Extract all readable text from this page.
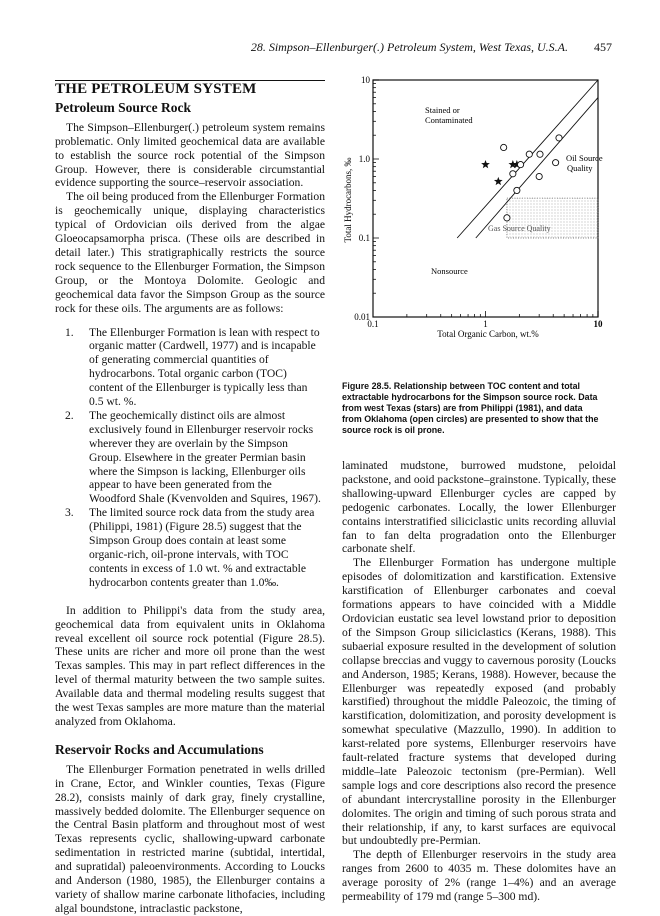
28. Simpson–Ellenburger(.) Petroleum System, West Texas, U.S.A. 457
THE PETROLEUM SYSTEM
Petroleum Source Rock

The Simpson–Ellenburger(.) petroleum system remains problematic. Only limited geochemical data are available to establish the source rock potential of the Simpson Group. However, there is considerable circumstantial evidence supporting the source–reservoir association.

The oil being produced from the Ellenburger Formation is geochemically unique, displaying characteristics typical of Ordovician oils derived from the algae Gloeocapsamorpha prisca. (These oils are described in detail later.) This stratigraphically restricts the source rock sequence to the Ellenburger Formation, the Simpson Group, or the Montoya Dolomite. Geologic and geochemical data favor the Simpson Group as the source rock for these oils. The arguments are as follows:

1. The Ellenburger Formation is lean with respect to organic matter (Cardwell, 1977) and is incapable of generating commercial quantities of hydrocarbons. Total organic carbon (TOC) content of the Ellenburger is typically less than 0.5 wt. %.
2. The geochemically distinct oils are almost exclusively found in Ellenburger reservoir rocks wherever they are overlain by the Simpson Group. Elsewhere in the greater Permian basin where the Simpson is lacking, Ellenburger oils appear to have been generated from the Woodford Shale (Kvenvolden and Squires, 1967).
3. The limited source rock data from the study area (Philippi, 1981) (Figure 28.5) suggest that the Simpson Group does contain at least some organic-rich, oil-prone intervals, with TOC contents in excess of 1.0 wt. % and extractable hydrocarbon contents greater than 1.0‰.

In addition to Philippi's data from the study area, geochemical data from equivalent units in Oklahoma reveal excellent oil source rock potential (Figure 28.5). These units are richer and more oil prone than the west Texas samples. This may in part reflect differences in the level of thermal maturity between the two sample suites. Available data and thermal modeling results suggest that the west Texas samples are more mature than the material analyzed from Oklahoma.

Reservoir Rocks and Accumulations

The Ellenburger Formation penetrated in wells drilled in Crane, Ector, and Winkler counties, Texas (Figure 28.2), consists mainly of dark gray, finely crystalline, massively bedded dolomite. The Ellenburger sequence on the Central Basin platform and throughout most of west Texas represents cyclic, shallowing-upward carbonate sedimentation in restricted marine (subtidal, intertidal, and supratidal) paleoenvironments. According to Loucks and Anderson (1980, 1985), the Ellenburger contains a variety of shallow marine carbonate lithofacies, including algal boundstone, intraclastic packstone,

10
1.0
0.1
0.01
0.1	1	10
Total Organic Carbon, wt.%
Total Hydrocarbons, ‰
Stained or
Contaminated
Oil Source
Quality
Gas Source Quality
Nonsource
Figure 28.5. Relationship between TOC content and total extractable hydrocarbons for the Simpson source rock. Data from west Texas (stars) are from Philippi (1981), and data from Oklahoma (open circles) are presented to show that the source rock is oil prone.

laminated mudstone, burrowed mudstone, peloidal packstone, and ooid packstone–grainstone. Typically, these shallowing-upward Ellenburger cycles are capped by pedogenic carbonates. Locally, the lower Ellenburger contains interstratified siliciclastic units recording alluvial fan to fan delta progradation onto the Ellenburger carbonate shelf.

The Ellenburger Formation has undergone multiple episodes of dolomitization and karstification. Extensive karstification of Ellenburger carbonates and coeval formations appears to have coincided with a Middle Ordovician eustatic sea level lowstand prior to deposition of the Simpson Group siliciclastics (Kerans, 1988). This subaerial exposure resulted in the development of solution collapse breccias and vuggy to cavernous porosity (Loucks and Anderson, 1985; Kerans, 1988). However, because the Ellenburger was repeatedly exposed (and probably karstified) throughout the middle Paleozoic, the timing of karstification, dolomitization, and porosity development is somewhat speculative (Mazzullo, 1990). In addition to karst-related pore systems, Ellenburger reservoirs have fault-related fracture systems that developed during middle–late Paleozoic tectonism (pre-Permian). Well sample logs and core descriptions also record the presence of abundant intercrystalline porosity in the Ellenburger dolomites. The origin and timing of such porous strata and their relationship, if any, to karst surfaces are equivocal but undoubtedly pre-Permian.

The depth of Ellenburger reservoirs in the study area ranges from 2600 to 4035 m. These dolomites have an average porosity of 2% (range 1–4%) and an average permeability of 179 md (range 5–300 md).
